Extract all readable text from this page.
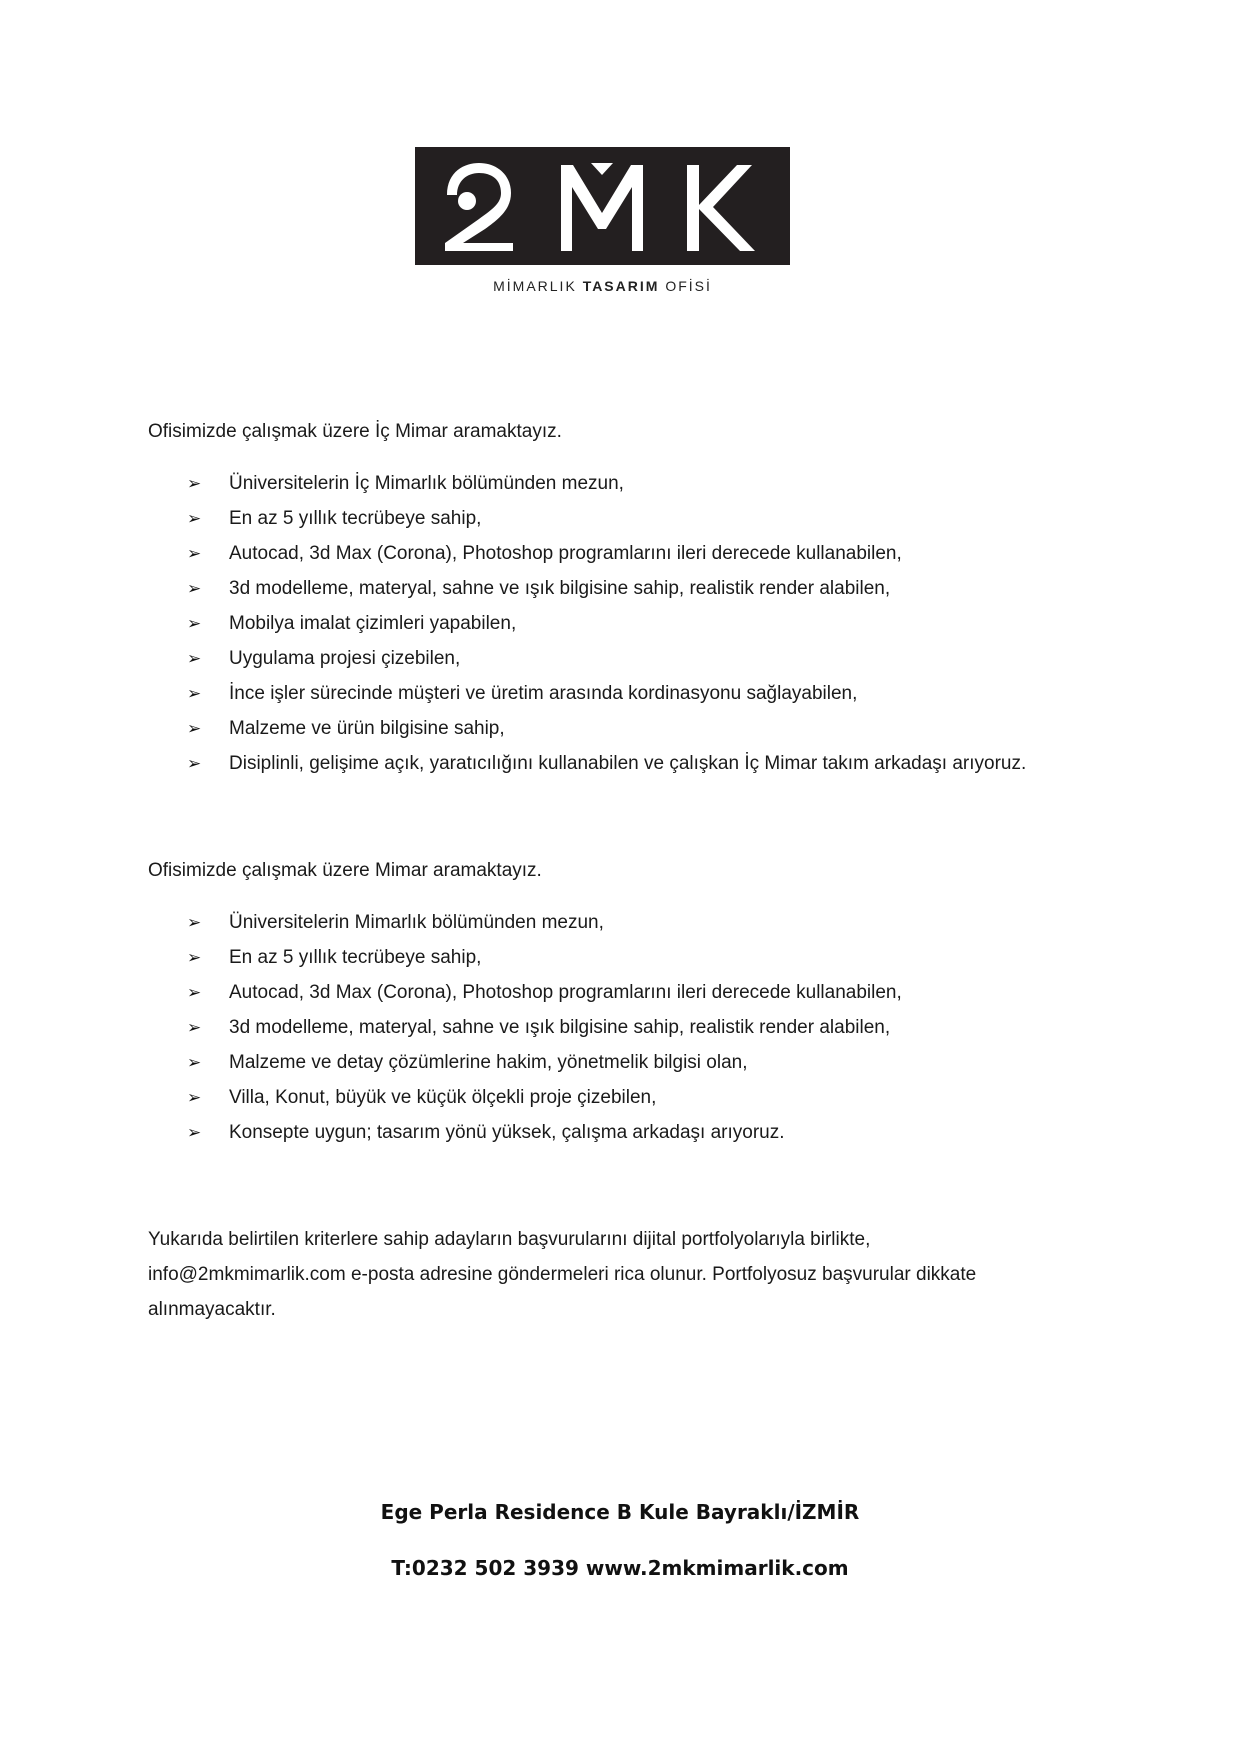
MİMARLIK TASARIM OFİSİ

Ofisimizde çalışmak üzere İç Mimar aramaktayız.

➢ Üniversitelerin İç Mimarlık bölümünden mezun,
➢ En az 5 yıllık tecrübeye sahip,
➢ Autocad, 3d Max (Corona), Photoshop programlarını ileri derecede kullanabilen,
➢ 3d modelleme, materyal, sahne ve ışık bilgisine sahip, realistik render alabilen,
➢ Mobilya imalat çizimleri yapabilen,
➢ Uygulama projesi çizebilen,
➢ İnce işler sürecinde müşteri ve üretim arasında kordinasyonu sağlayabilen,
➢ Malzeme ve ürün bilgisine sahip,
➢ Disiplinli, gelişime açık, yaratıcılığını kullanabilen ve çalışkan İç Mimar takım arkadaşı arıyoruz.

Ofisimizde çalışmak üzere Mimar aramaktayız.

➢ Üniversitelerin Mimarlık bölümünden mezun,
➢ En az 5 yıllık tecrübeye sahip,
➢ Autocad, 3d Max (Corona), Photoshop programlarını ileri derecede kullanabilen,
➢ 3d modelleme, materyal, sahne ve ışık bilgisine sahip, realistik render alabilen,
➢ Malzeme ve detay çözümlerine hakim, yönetmelik bilgisi olan,
➢ Villa, Konut, büyük ve küçük ölçekli proje çizebilen,
➢ Konsepte uygun; tasarım yönü yüksek, çalışma arkadaşı arıyoruz.

Yukarıda belirtilen kriterlere sahip adayların başvurularını dijital portfolyolarıyla birlikte,

info@2mkmimarlik.com e-posta adresine göndermeleri rica olunur. Portfolyosuz başvurular dikkate

alınmayacaktır.

Ege Perla Residence B Kule Bayraklı/İZMİR
T:0232 502 3939 www.2mkmimarlik.com
